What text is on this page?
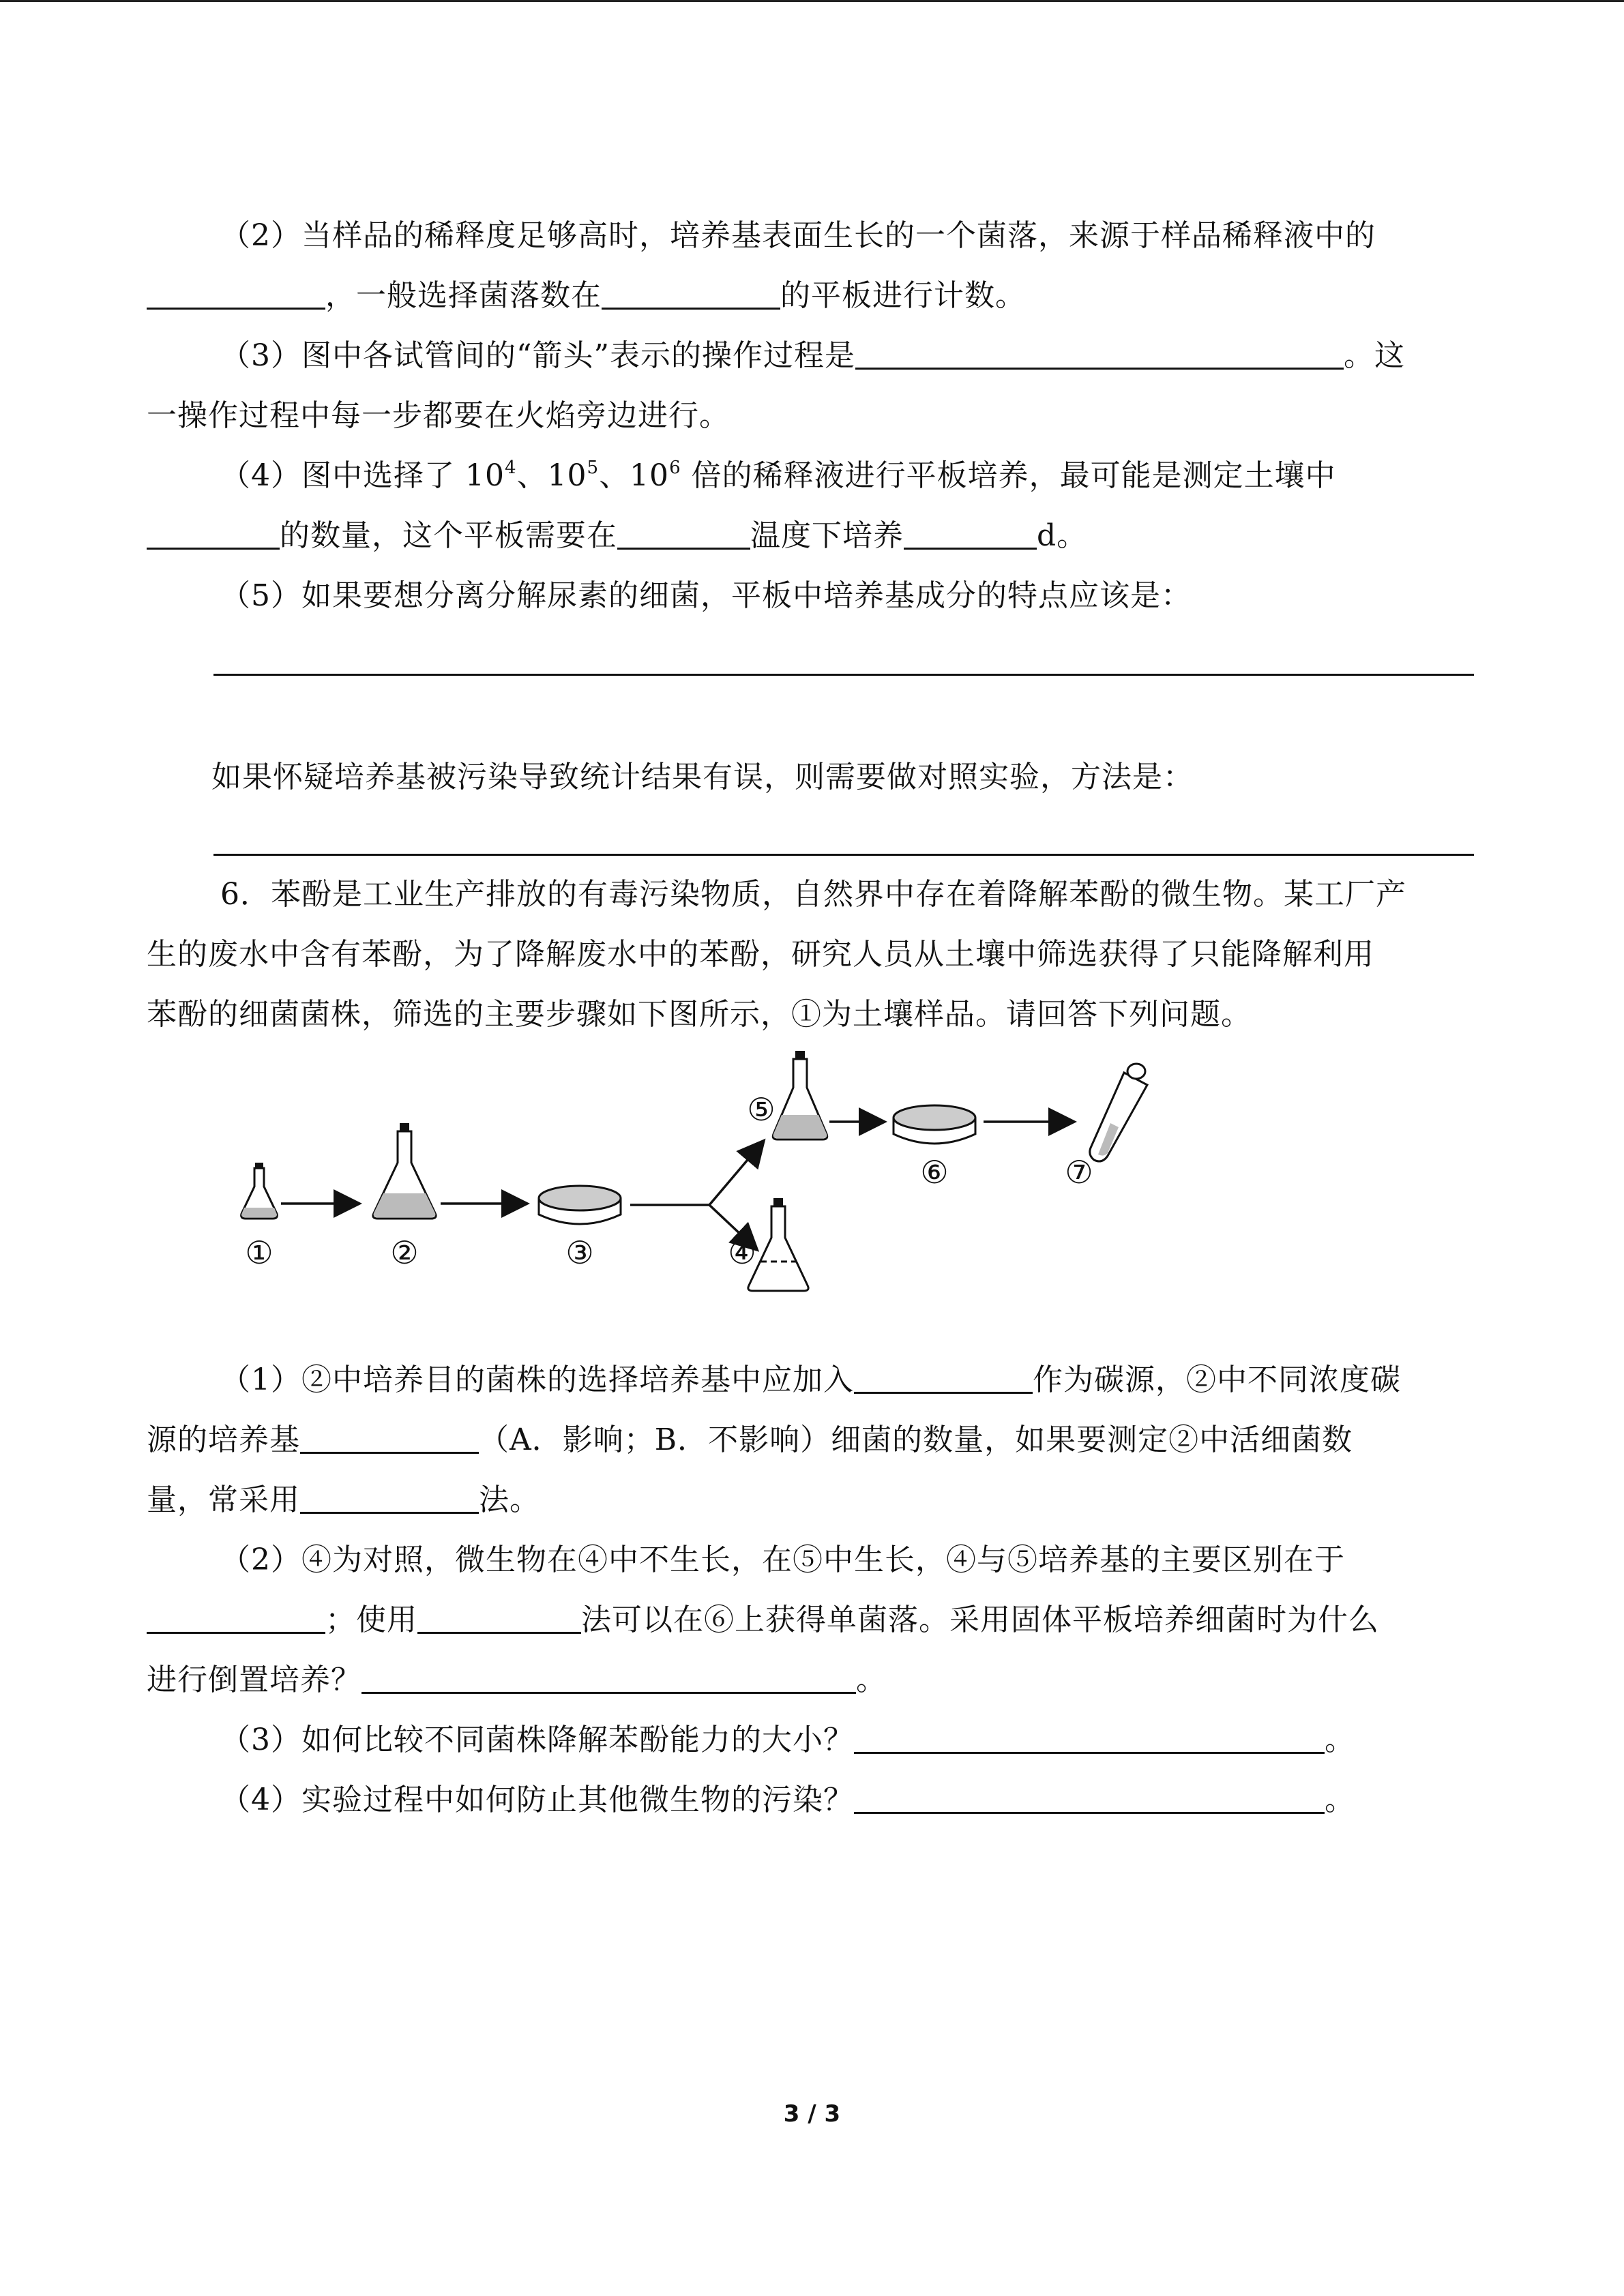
（2）当样品的稀释度足够高时，培养基表面生长的一个菌落，来源于样品稀释液中的
，一般选择菌落数在	的平板进行计数。
（3）图中各试管间的“箭头”表示的操作过程是	。这
一操作过程中每一步都要在火焰旁边进行。
（4）图中选择了 $10^4$、$10^5$、$10^6$ 倍的稀释液进行平板培养，最可能是测定土壤中
的数量，这个平板需要在	温度下培养	d。
（5）如果要想分离分解尿素的细菌，平板中培养基成分的特点应该是：
如果怀疑培养基被污染导致统计结果有误，则需要做对照实验，方法是：
6．苯酚是工业生产排放的有毒污染物质，自然界中存在着降解苯酚的微生物。某工厂产
生的废水中含有苯酚，为了降解废水中的苯酚，研究人员从土壤中筛选获得了只能降解利用
苯酚的细菌菌株，筛选的主要步骤如下图所示，①为土壤样品。请回答下列问题。
①	②	③	④
⑤
⑥	⑦
（1）②中培养目的菌株的选择培养基中应加入	作为碳源，②中不同浓度碳
源的培养基	（A．影响；B．不影响）细菌的数量，如果要测定②中活细菌数
量，常采用	法。
（2）④为对照，微生物在④中不生长，在⑤中生长，④与⑤培养基的主要区别在于
；使用	法可以在⑥上获得单菌落。采用固体平板培养细菌时为什么
进行倒置培养？	。
（3）如何比较不同菌株降解苯酚能力的大小？	。
（4）实验过程中如何防止其他微生物的污染？	。
3 / 3
